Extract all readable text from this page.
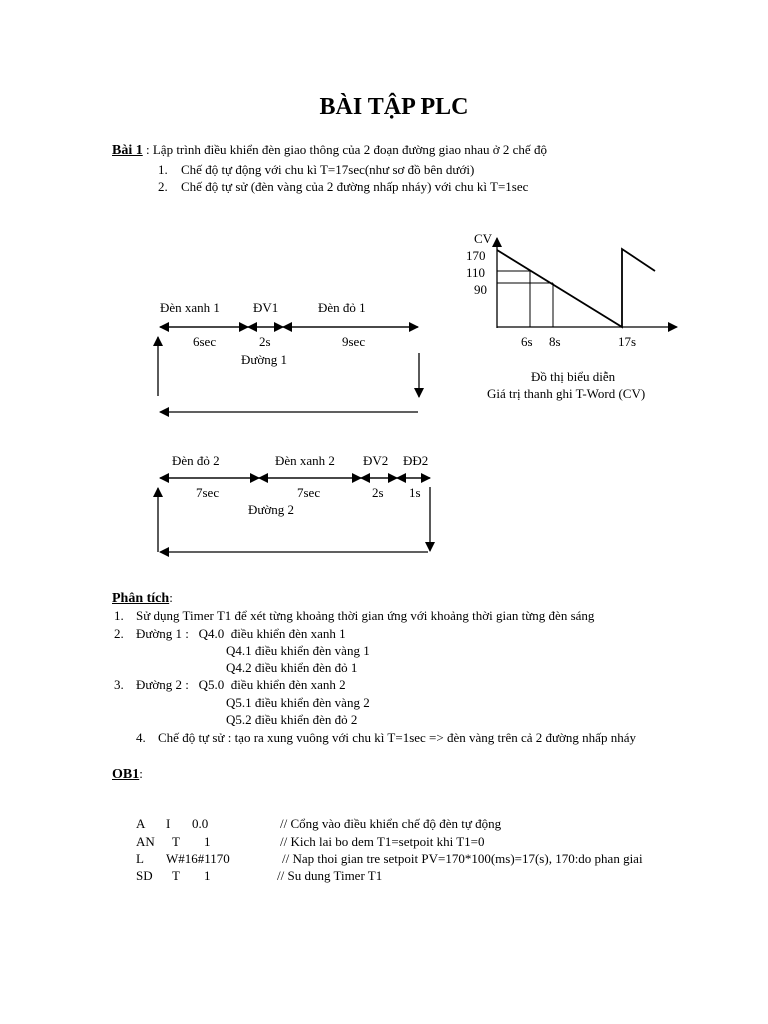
BÀI TẬP PLC
Bài 1 : Lập trình điều khiển đèn giao thông của 2 đoạn đường giao nhau ở 2 chế độ
1. Chế độ tự động với chu kì T=17sec(như sơ đồ bên dưới)
2. Chế độ tự sử (đèn vàng của 2 đường nhấp nháy) với chu kì T=1sec
Đèn xanh 1	ĐV1	Đèn đỏ 1
6sec	2s	9sec
Đường 1
Đèn đỏ 2	Đèn xanh 2 ĐV2 ĐĐ2
7sec	7sec	2s 1s
Đường 2
CV
170
110
90
6s 8s	17s
Đồ thị biểu diễn
Giá trị thanh ghi T-Word (CV)
Phân tích:
1. Sử dụng Timer T1 để xét từng khoảng thời gian ứng với khoảng thời gian từng đèn sáng
2. Đường 1 :   Q4.0  điều khiển đèn xanh 1
Q4.1 điều khiển đèn vàng 1
Q4.2 điều khiển đèn đỏ 1
3. Đường 2 :   Q5.0  điều khiển đèn xanh 2
Q5.1 điều khiển đèn vàng 2
Q5.2 điều khiển đèn đỏ 2
4. Chế độ tự sử : tạo ra xung vuông với chu kì T=1sec => đèn vàng trên cả 2 đường nhấp nháy
OB1:
A I 0.0	// Cổng vào điều khiển chế độ đèn tự động
AN T 1	// Kich lai bo dem T1=setpoit khi T1=0
L W#16#1170	// Nap thoi gian tre setpoit PV=170*100(ms)=17(s), 170:do phan giai
SD T 1	// Su dung Timer T1
